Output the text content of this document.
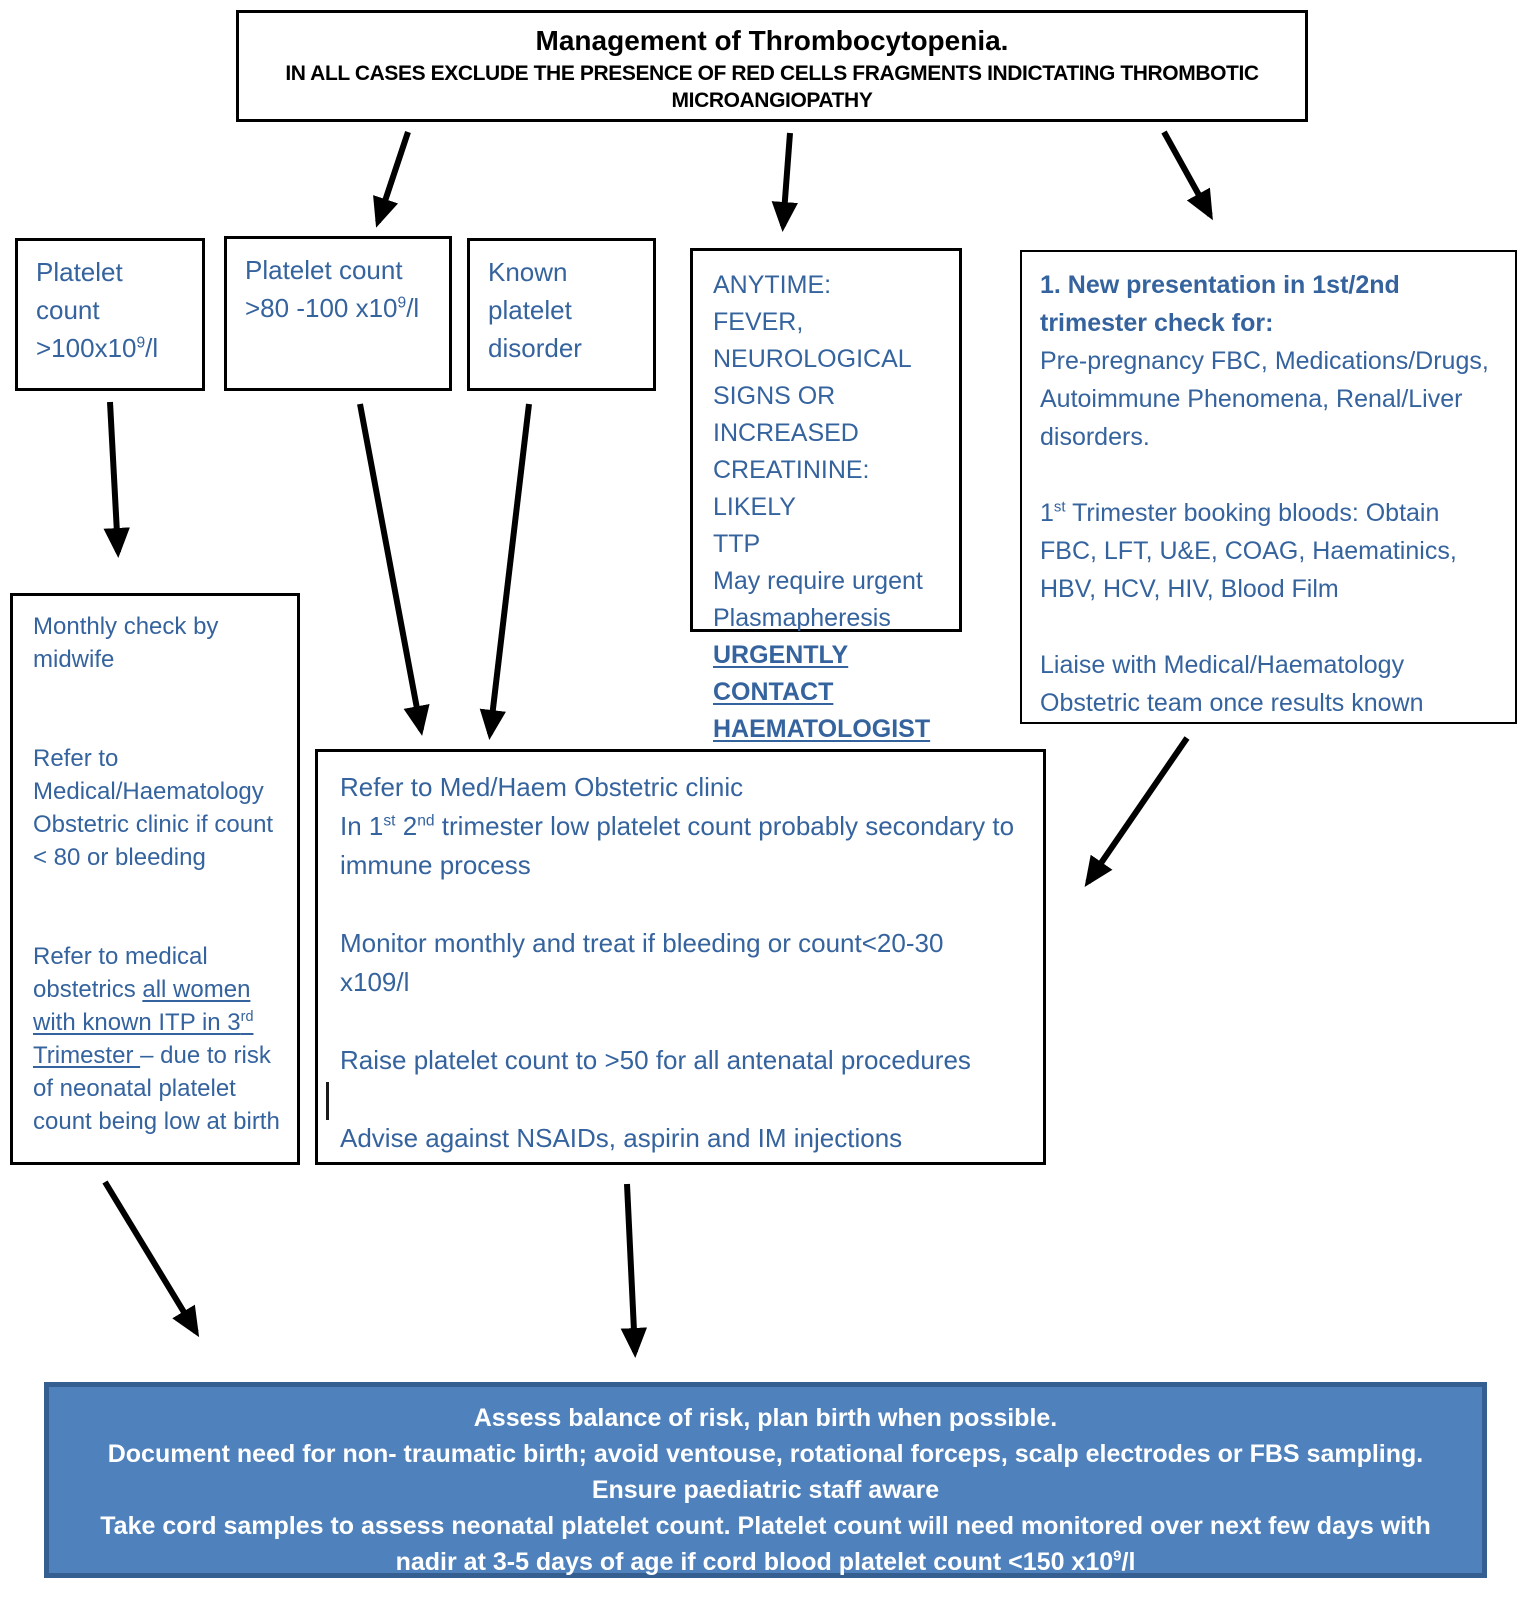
Management of Thrombocytopenia.
IN ALL CASES EXCLUDE THE PRESENCE OF RED CELLS FRAGMENTS INDICTATING THROMBOTIC MICROANGIOPATHY
Platelet
count
$>100x10^9/l$
Platelet count
>80 -100 $x10^9/l$
Known
platelet
disorder
ANYTIME:
FEVER,
NEUROLOGICAL
SIGNS OR INCREASED
CREATININE: LIKELY
TTP
May require urgent
Plasmapheresis
URGENTLY CONTACT
HAEMATOLOGIST
1. New presentation in 1st/2nd trimester check for:
Pre-pregnancy FBC, Medications/Drugs, Autoimmune Phenomena, Renal/Liver disorders.

1st Trimester booking bloods: Obtain FBC, LFT, U&E, COAG, Haematinics, HBV, HCV, HIV, Blood Film

Liaise with Medical/Haematology Obstetric team once results known
Monthly check by midwife

Refer to Medical/Haematology Obstetric clinic if count < 80 or bleeding

Refer to medical obstetrics all women with known ITP in 3rd Trimester – due to risk of neonatal platelet count being low at birth
Refer to Med/Haem Obstetric clinic
In 1st 2nd trimester low platelet count probably secondary to immune process

Monitor monthly and treat if bleeding or count<20-30 x109/l

Raise platelet count to >50 for all antenatal procedures

Advise against NSAIDs, aspirin and IM injections
Assess balance of risk, plan birth when possible.
Document need for non- traumatic birth; avoid ventouse, rotational forceps, scalp electrodes or FBS sampling.
Ensure paediatric staff aware
Take cord samples to assess neonatal platelet count. Platelet count will need monitored over next few days with
nadir at 3-5 days of age if cord blood platelet count <150 $x10^9/l$
